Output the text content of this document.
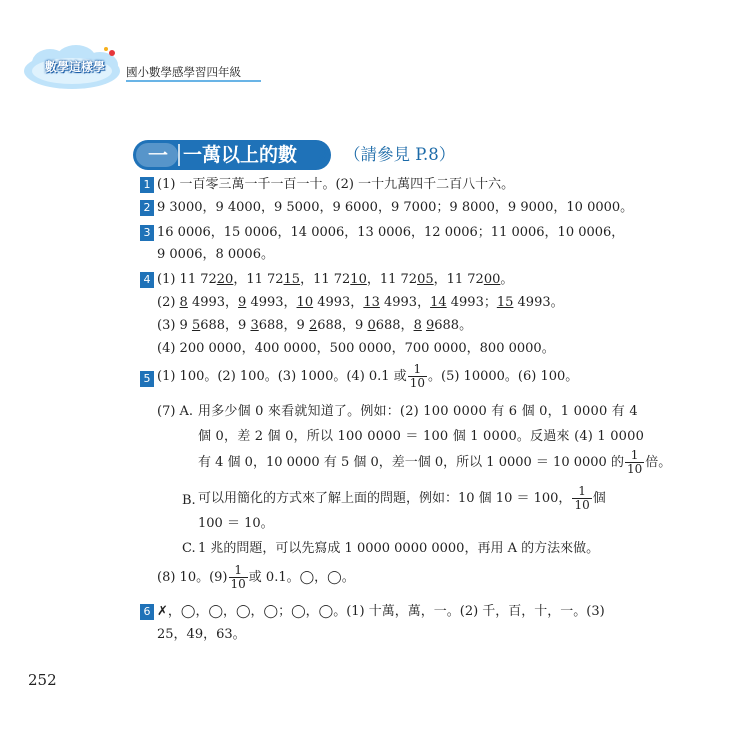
數學這樣學	國小數學感學習四年級
一 一萬以上的數 》 （請參見 P.8）
1 (1) 一百零三萬一千一百一十。(2) 一十九萬四千二百八十六。
2 9 3000，9 4000，9 5000，9 6000，9 7000；9 8000，9 9000，10 0000。
3 16 0006，15 0006，14 0006，13 0006，12 0006；11 0006，10 0006，
9 0006，8 0006。
4 (1) 11 7220，11 7215，11 7210，11 7205，11 7200。
(2) 8 4993，9 4993，10 4993，13 4993，14 4993；15 4993。
(3) 9 5688，9 3688，9 2688，9 0688，8 9688。
(4) 200 0000，400 0000，500 0000，700 0000，800 0000。
5 (1) 100。(2) 100。(3) 1000。(4) 0.1 或 $\frac{1}{10}$ 。(5) 10000。(6) 100。
(7) A. 用多少個 0 來看就知道了。例如：(2) 100 0000 有 6 個 0，1 0000 有 4
個 0，差 2 個 0，所以 100 0000 ＝ 100 個 1 0000。反過來 (4) 1 0000
有 4 個 0，10 0000 有 5 個 0，差一個 0，所以 1 0000 ＝ 10 0000 的 $\frac{1}{10}$ 倍。
B. 可以用簡化的方式來了解上面的問題，例如：10 個 10 ＝ 100， $\frac{1}{10}$ 個
100 ＝ 10。
C. 1 兆的問題，可以先寫成 1 0000 0000 0000，再用 A 的方法來做。
(8) 10。$(9) \frac{1}{10}$ 或 0.1。◯，◯。
6 ✗，◯，◯，◯，◯；◯，◯。(1) 十萬，萬，一。(2) 千，百，十，一。(3)
25，49，63。
252
